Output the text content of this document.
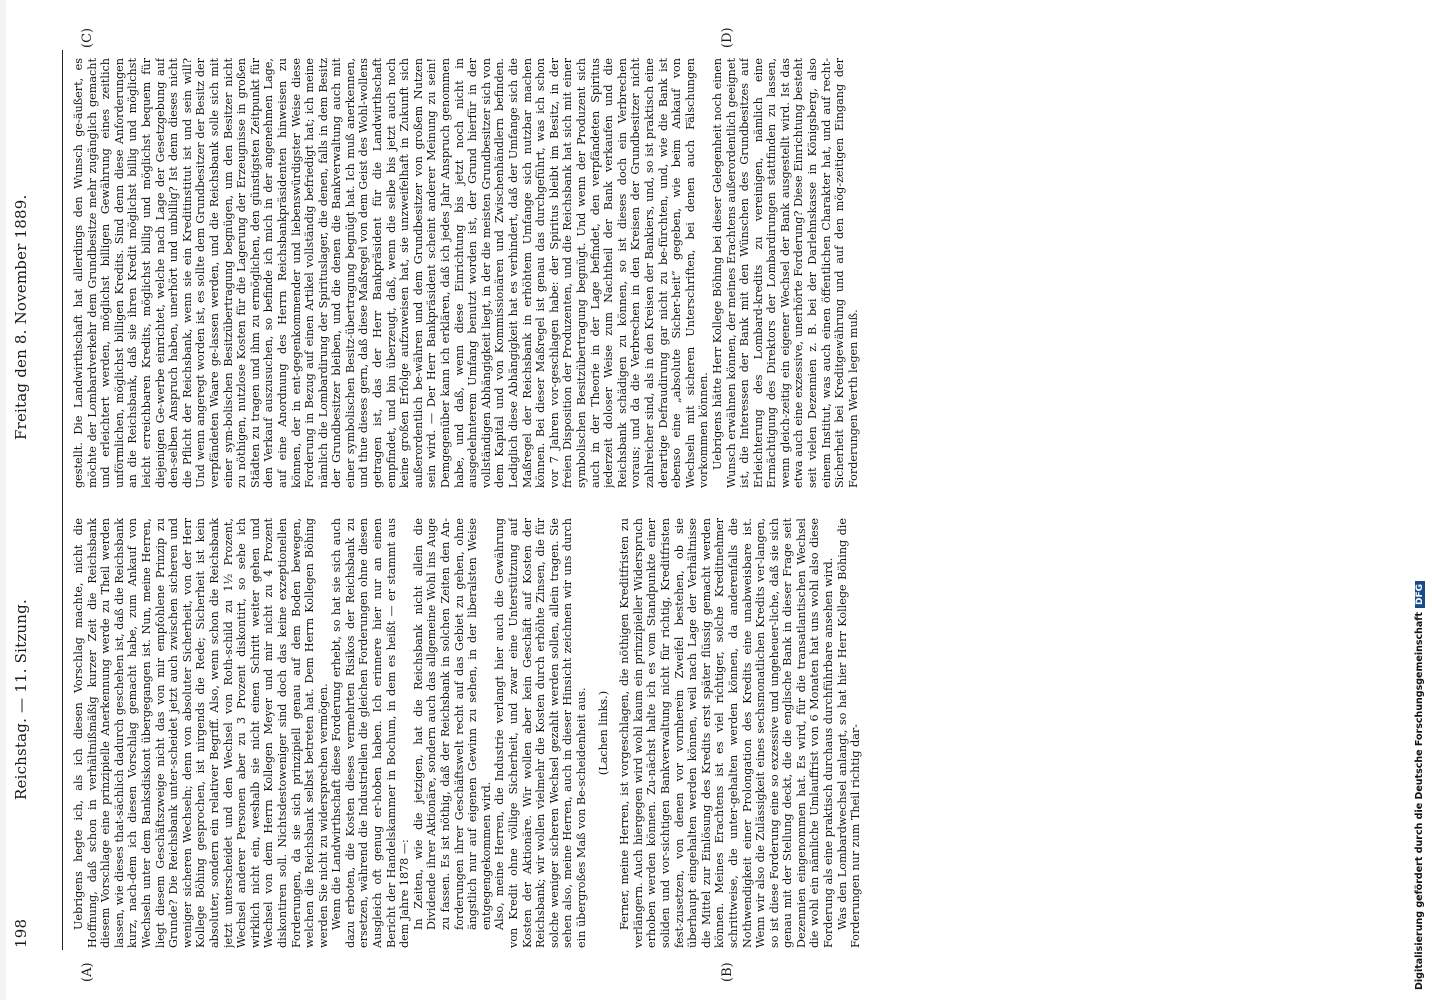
198
Reichstag. — 11. Sitzung.
Freitag den 8. November 1889.
(A)	(B)
(C)	(D)

Uebrigens hegte ich, als ich diesen Vorschlag machte, nicht die Hoffnung, daß schon in verhältnißmäßig kurzer Zeit die Reichsbank diesem Vorschlage eine prinzipielle Anerkennung werde zu Theil werden lassen, wie dieses that-sächlich dadurch geschehen ist, daß die Reichsbank kurz, nach-dem ich diesen Vorschlag gemacht habe, zum Ankauf von Wechseln unter dem Banksdiskont übergegangen ist. Nun, meine Herren, liegt diesem Geschäftszweige nicht das von mir empfohlene Prinzip zu Grunde? Die Reichsbank unter-scheidet jetzt auch zwischen sicheren und weniger sicheren Wechseln; denn von absoluter Sicherheit, von der Herr Kollege Böhing gesprochen, ist nirgends die Rede; Sicherheit ist kein absoluter, sondern ein relativer Begriff. Also, wenn schon die Reichsbank jetzt unterscheidet und den Wechsel von Roth-schild zu 1½ Prozent, Wechsel anderer Personen aber zu 3 Prozent diskontirt, so sehe ich wirklich nicht ein, weshalb sie nicht einen Schritt weiter gehen und Wechsel von dem Herrn Kollegen Meyer und mir nicht zu 4 Prozent diskontiren soll. Nichtsdestoweniger sind doch das keine exzeptionellen Forderungen, da sie sich prinzipiell genau auf dem Boden bewegen, welchen die Reichsbank selbst betreten hat. Dem Herrn Kollegen Böhing werden Sie nicht zu widersprechen vermögen. Wenn die Landwirthschaft diese Forderung erhebt, so hat sie sich auch dazu erboten, die Kosten dieses vermehrten Risikos der Reichsbank zu ersetzen, während die Industriellen die gleichen Forderungen ohne diesen Ausgleich oft genug er-hoben haben. Ich erinnere hier nur an einen Bericht der Handelskammer in Bochum, in dem es heißt — er stammt aus dem Jahre 1878 —: In Zeiten, wie die jetzigen, hat die Reichsbank nicht allein die Dividende ihrer Aktionäre, sondern auch das allgemeine Wohl ins Auge zu fassen. Es ist nöthig, daß der Reichsbank in solchen Zeiten den An-forderungen ihrer Geschäftswelt recht auf das Gebiet zu gehen, ohne ängstlich nur auf eigenen Gewinn zu sehen, in der liberalsten Weise entgegengekommen wird. Also, meine Herren, die Industrie verlangt hier auch die Gewährung von Kredit ohne völlige Sicherheit, und zwar eine Unterstützung auf Kosten der Aktionäre. Wir wollen aber kein Geschäft auf Kosten der Reichsbank; wir wollen vielmehr die Kosten durch erhöhte Zinsen, die für solche weniger sicheren Wechsel gezahlt werden sollen, allein tragen. Sie sehen also, meine Herren, auch in dieser Hinsicht zeichnen wir uns durch ein übergroßes Maß von Be-scheidenheit aus. (Lachen links.) Ferner, meine Herren, ist vorgeschlagen, die nöthigen Kreditfristen zu verlängern. Auch hiergegen wird wohl kaum ein prinzipieller Widerspruch erhoben werden können. Zu-nächst halte ich es vom Standpunkte einer soliden und vor-sichtigen Bankverwaltung nicht für richtig, Kreditfristen fest-zusetzen, von denen vor vornherein Zweifel bestehen, ob sie überhaupt eingehalten werden können, weil nach Lage der Verhältnisse die Mittel zur Einlösung des Kredits erst später flüssig gemacht werden können. Meines Erachtens ist es viel richtiger, solche Kreditnehmer schrittweise, die unter-gehalten werden können, da anderenfalls die Nothwendigkeit einer Prolongation des Kredits eine unabweisbare ist. Wenn wir also die Zulässigkeit eines sechsmonatlichen Kredits ver-langen, so ist diese Forderung eine so exzessive und ungeheuer-liche, daß sie sich genau mit der Stellung deckt, die die englische Bank in dieser Frage seit Dezennien eingenommen hat. Es wird, für die transatlantischen Wechsel die wohl ein nämliche Umlauffrist von 6 Monaten hat uns wohl also diese Forderung als eine praktisch durchaus durchführbare ansehen wird. Was den Lombardwechsel anlangt, so hat hier Herr Kollege Böhing die Forderungen nur zum Theil richtig dar-

gestellt. Die Landwirthschaft hat allerdings den Wunsch ge-äußert, es möchte der Lombardverkehr dem Grundbesitze mehr zugänglich gemacht und erleichtert werden, möglichst billigen Gewährung eines zeitlich unförmlichen, möglichst billigen Kredits. Sind denn diese Anforderungen an die Reichsbank, daß sie ihren Kredit möglichst billig und möglichst leicht erreichbaren Kredits, möglichst billig und möglichst bequem für diejenigen Ge-werbe einrichtet, welche nach Lage der Gesetzgebung auf den-selben Anspruch haben, unerhört und unbillig? Ist denn dieses nicht die Pflicht der Reichsbank, wenn sie ein Kreditinstitut ist und sein will? Und wenn angeregt worden ist, es sollte dem Grundbesitzer der Besitz der verpfändeten Waare ge-lassen werden, und die Reichsbank solle sich mit einer sym-bolischen Besitzübertragung begnügen, um den Besitzer nicht zu nöthigen, nutzlose Kosten für die Lagerung der Erzeugnisse in großen Städten zu tragen und ihm zu ermöglichen, den günstigsten Zeitpunkt für den Verkauf auszusuchen, so befinde ich mich in der angenehmen Lage, auf eine Anordnung des Herrn Reichsbankpräsidenten hinweisen zu können, der in ent-gegenkommender und liebenswürdigster Weise diese Forderung in Bezug auf einen Artikel vollständig befriedigt hat; ich meine nämlich die Lombardirung der Spirituslager, die denen, falls in dem Besitz der Grundbesitzer bleiben, und die denen die Bankverwaltung auch mit einer symbolischen Besitz-übertragung begnügt hat. Ich muß anerkennen, und thue dieses gern, daß diese Maßregel von dem Geist des Wohl-wollens getragen ist, das der Herr Bankpräsident für die Landwirthschaft empfindet, und bin überzeugt, daß, wenn die selbe bis jetzt auch noch keine großen Erfolge aufzuweisen hat, sie unzweifelhaft in Zukunft sich außerordentlich be-währen und dem Grundbesitzer von großem Nutzen sein wird. — Der Herr Bankpräsident scheint anderer Meinung zu sein! Demgegenüber kann ich erklären, daß ich jedes Jahr Anspruch genommen habe, und daß, wenn diese Einrichtung bis jetzt noch nicht in ausgedehnterem Umfang benutzt worden ist, der Grund hierfür in der vollständigen Abhängigkeit liegt, in der die meisten Grundbesitzer sich von dem Kapital und von Kommissionären und Zwischenhändlern befinden. Lediglich diese Abhängigkeit hat es verhindert, daß der Umfange sich die Maßregel der Reichsbank in erhöhtem Umfange sich nutzbar machen können. Bei dieser Maßregel ist genau das durchgeführt, was ich schon vor 7 Jahren vor-geschlagen habe: der Spiritus bleibt im Besitz, in der freien Disposition der Produzenten, und die Reichsbank hat sich mit einer symbolischen Besitzübertragung begnügt. Und wenn der Produzent sich auch in der Theorie in der Lage befindet, den verpfändeten Spiritus jederzeit doloser Weise zum Nachtheil der Bank verkaufen und die Reichsbank schädigen zu können, so ist dieses doch ein Verbrechen voraus; und da die Verbrechen in den Kreisen der Grundbesitzer nicht zahlreicher sind, als in den Kreisen der Bankiers, und, so ist praktisch eine derartige Defraudirung gar nicht zu be-fürchten, und, wie die Bank ist ebenso eine „absolute Sicher-heit“ gegeben, wie beim Ankauf von Wechseln mit sicheren Unterschriften, bei denen auch Fälschungen vorkommen können. Uebrigens hätte Herr Kollege Böhing bei dieser Gelegenheit noch einen Wunsch erwähnen können, der meines Erachtens außerordentlich geeignet ist, die Interessen der Bank mit den Wünschen des Grundbesitzes auf Erleichterung des Lombard-kredits zu vereinigen, nämlich eine Ermächtigung des Direktors der Lombardirungen stattfinden zu lassen, wenn gleich-zeitig ein eigener Wechsel der Bank ausgestellt wird. Ist das etwa auch eine exzessive, unerhörte Forderung? Diese Einrichtung besteht seit vielen Dezennien z. B. bei der Darlehnskasse in Königsberg, also einem Institut, was auch einen öffentlichen Charakter hat, und auf recht-Sicherheit bei Kreditgewährung und auf den mög-zeitigen Eingang der Forderungen Werth legen muß.

Digitalisierung gefördert durch die Deutsche ForschungsgemeinschaftDFG
